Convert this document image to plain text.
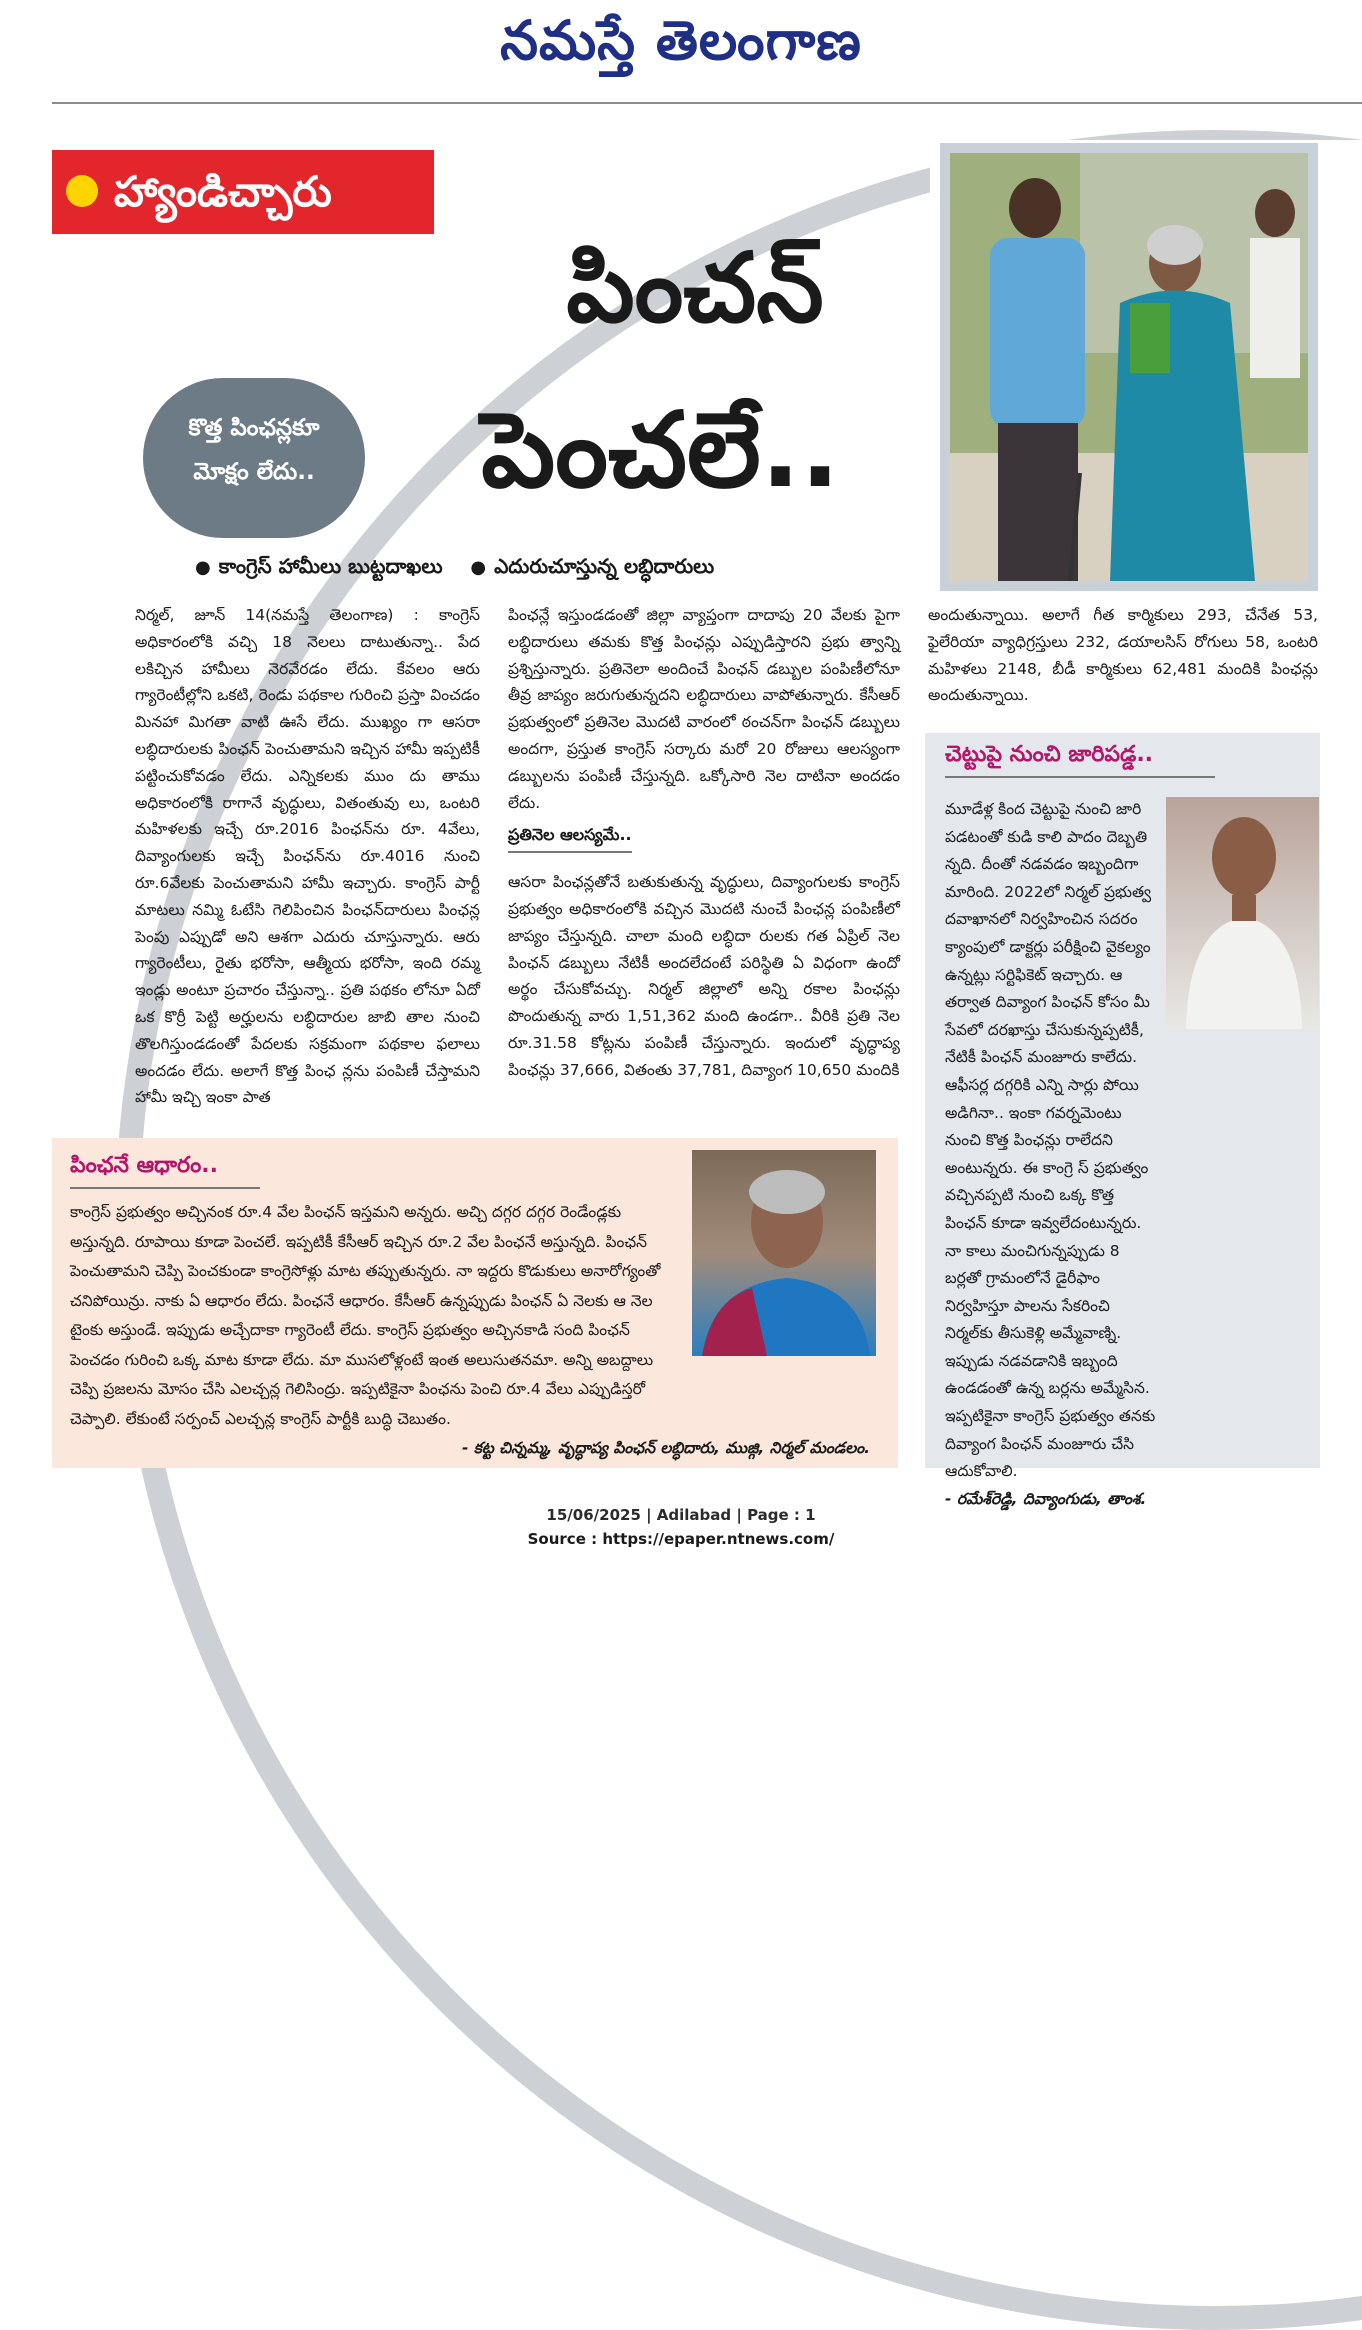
నమస్తే తెలంగాణ
హ్యాండిచ్చారు
పించన్
పెంచలే..
కొత్త పింఛన్లకూ
మోక్షం లేదు..
● కాంగ్రెస్ హామీలు బుట్టదాఖలు ● ఎదురుచూస్తున్న లబ్ధిదారులు
నిర్మల్, జూన్ 14(నమస్తే తెలంగాణ) : కాంగ్రెస్ అధికారంలోకి వచ్చి 18 నెలలు దాటుతున్నా.. పేద లకిచ్చిన హామీలు నెరవేరడం లేదు. కేవలం ఆరు గ్యారెంటీల్లోని ఒకటి, రెండు పథకాల గురించి ప్రస్తా వించడం మినహా మిగతా వాటి ఊసే లేదు. ముఖ్యం గా ఆసరా లబ్ధిదారులకు పింఛన్ పెంచుతామని ఇచ్చిన హామీ ఇప్పటికీ పట్టించుకోవడం లేదు. ఎన్నికలకు ముం దు తాము అధికారంలోకి రాగానే వృద్ధులు, వితంతువు లు, ఒంటరి మహిళలకు ఇచ్చే రూ.2016 పింఛన్‌ను రూ. 4వేలు, దివ్యాంగులకు ఇచ్చే పింఛన్‌ను రూ.4016 నుంచి రూ.6వేలకు పెంచుతామని హామీ ఇచ్చారు. కాంగ్రెస్ పార్టీ మాటలు నమ్మి ఓటేసి గెలిపించిన పింఛన్‌దారులు పింఛన్ల పెంపు ఎప్పుడో అని ఆశగా ఎదురు చూస్తున్నారు. ఆరు గ్యారెంటీలు, రైతు భరోసా, ఆత్మీయ భరోసా, ఇంది రమ్మ ఇండ్లు అంటూ ప్రచారం చేస్తున్నా.. ప్రతి పథకం లోనూ ఏదో ఒక కొర్రీ పెట్టి అర్హులను లబ్ధిదారుల జాబి తాల నుంచి తొలగిస్తుండడంతో పేదలకు సక్రమంగా పథకాల ఫలాలు అందడం లేదు. అలాగే కొత్త పింఛ న్లను పంపిణీ చేస్తామని హామీ ఇచ్చి ఇంకా పాత
పింఛన్లే ఇస్తుండడంతో జిల్లా వ్యాప్తంగా దాదాపు 20 వేలకు పైగా లబ్ధిదారులు తమకు కొత్త పింఛన్లు ఎప్పుడిస్తారని ప్రభు త్వాన్ని ప్రశ్నిస్తున్నారు. ప్రతినెలా అందించే పింఛన్ డబ్బుల పంపిణీలోనూ తీవ్ర జాప్యం జరుగుతున్నదని లబ్ధిదారులు వాపోతున్నారు. కేసీఆర్ ప్రభుత్వంలో ప్రతినెల మొదటి వారంలో ఠంచన్‌గా పింఛన్ డబ్బులు అందగా, ప్రస్తుత కాంగ్రెస్ సర్కారు మరో 20 రోజులు ఆలస్యంగా డబ్బులను పంపిణీ చేస్తున్నది. ఒక్కోసారి నెల దాటినా అందడం లేదు.
ప్రతినెల ఆలస్యమే..
ఆసరా పింఛన్లతోనే బతుకుతున్న వృద్ధులు, దివ్యాంగులకు కాంగ్రెస్ ప్రభుత్వం అధికారంలోకి వచ్చిన మొదటి నుంచే పింఛన్ల పంపిణీలో జాప్యం చేస్తున్నది. చాలా మంది లబ్ధిదా రులకు గత ఏప్రిల్ నెల పింఛన్ డబ్బులు నేటికీ అందలేదంటే పరిస్థితి ఏ విధంగా ఉందో అర్థం చేసుకోవచ్చు. నిర్మల్ జిల్లాలో అన్ని రకాల పింఛన్లు పొందుతున్న వారు 1,51,362 మంది ఉండగా.. వీరికి ప్రతి నెల రూ.31.58 కోట్లను పంపిణీ చేస్తున్నారు. ఇందులో వృద్ధాప్య పింఛన్లు 37,666, వితంతు 37,781, దివ్యాంగ 10,650 మందికి
అందుతున్నాయి. అలాగే గీత కార్మికులు 293, చేనేత 53, ఫైలేరియా వ్యాధిగ్రస్తులు 232, డయాలసిస్ రోగులు 58, ఒంటరి మహిళలు 2148, బీడీ కార్మికులు 62,481 మందికి పింఛన్లు అందుతున్నాయి.
చెట్టుపై నుంచి జారిపడ్డ..
మూడేళ్ల కింద చెట్టుపై నుంచి జారి పడటంతో కుడి కాలి పాదం దెబ్బతి న్నది. దీంతో నడవడం ఇబ్బందిగా మారింది. 2022లో నిర్మల్ ప్రభుత్వ దవాఖానలో నిర్వహించిన సదరం క్యాంపులో డాక్టర్లు పరీక్షించి వైకల్యం ఉన్నట్లు సర్టిఫికెట్ ఇచ్చారు. ఆ తర్వాత దివ్యాంగ పింఛన్ కోసం మీ సేవలో దరఖాస్తు చేసుకున్నప్పటికీ, నేటికీ పింఛన్ మంజూరు కాలేదు. ఆఫీసర్ల దగ్గరికి ఎన్ని సార్లు పోయి అడిగినా.. ఇంకా గవర్నమెంటు నుంచి కొత్త పింఛన్లు రాలేదని అంటున్నరు. ఈ కాంగ్రె స్ ప్రభుత్వం వచ్చినప్పటి నుంచి ఒక్క కొత్త పింఛన్ కూడా ఇవ్వలేదంటున్నరు. నా కాలు మంచిగున్నప్పుడు 8 బర్లతో గ్రామంలోనే డైరీఫాం నిర్వహిస్తూ పాలను సేకరించి నిర్మల్‌కు తీసుకెళ్లి అమ్మేవాణ్ని. ఇప్పుడు నడవడానికి ఇబ్బంది ఉండడంతో ఉన్న బర్లను అమ్మేసిన. ఇప్పటికైనా కాంగ్రెస్ ప్రభుత్వం తనకు దివ్యాంగ పింఛన్ మంజూరు చేసి ఆదుకోవాలి.
- రమేశ్‌రెడ్డి, దివ్యాంగుడు, తాంశ.
పింఛనే ఆధారం..
కాంగ్రెస్ ప్రభుత్వం అచ్చినంక రూ.4 వేల పింఛన్ ఇస్తమని అన్నరు. అచ్చి దగ్గర దగ్గర రెండేండ్లకు అస్తున్నది. రూపాయి కూడా పెంచలే. ఇప్పటికీ కేసీఆర్ ఇచ్చిన రూ.2 వేల పింఛనే అస్తున్నది. పింఛన్ పెంచుతామని చెప్పి పెంచకుండా కాంగ్రెసోళ్లు మాట తప్పుతున్నరు. నా ఇద్దరు కొడుకులు అనారోగ్యంతో చనిపోయిన్రు. నాకు ఏ ఆధారం లేదు. పింఛనే ఆధారం. కేసీఆర్ ఉన్నప్పుడు పింఛన్ ఏ నెలకు ఆ నెల టైంకు అస్తుండే. ఇప్పుడు అచ్చేదాకా గ్యారెంటీ లేదు. కాంగ్రెస్ ప్రభుత్వం అచ్చినకాడి సంది పింఛన్ పెంచడం గురించి ఒక్క మాట కూడా లేదు. మా ముసలోళ్లంటే ఇంత అలుసుతనమా. అన్ని అబద్దాలు చెప్పి ప్రజలను మోసం చేసి ఎలచ్చన్ల గెలిసింద్రు. ఇప్పటికైనా పింఛను పెంచి రూ.4 వేలు ఎప్పుడిస్తరో చెప్పాలి. లేకుంటే సర్పంచ్ ఎలచ్చన్ల కాంగ్రెస్ పార్టీకి బుద్ధి చెబుతం.
- కట్ట చిన్నమ్మ, వృద్ధాప్య పింఛన్ లబ్ధిదారు, ముజ్గి, నిర్మల్ మండలం.
15/06/2025 | Adilabad | Page : 1
Source : https://epaper.ntnews.com/
